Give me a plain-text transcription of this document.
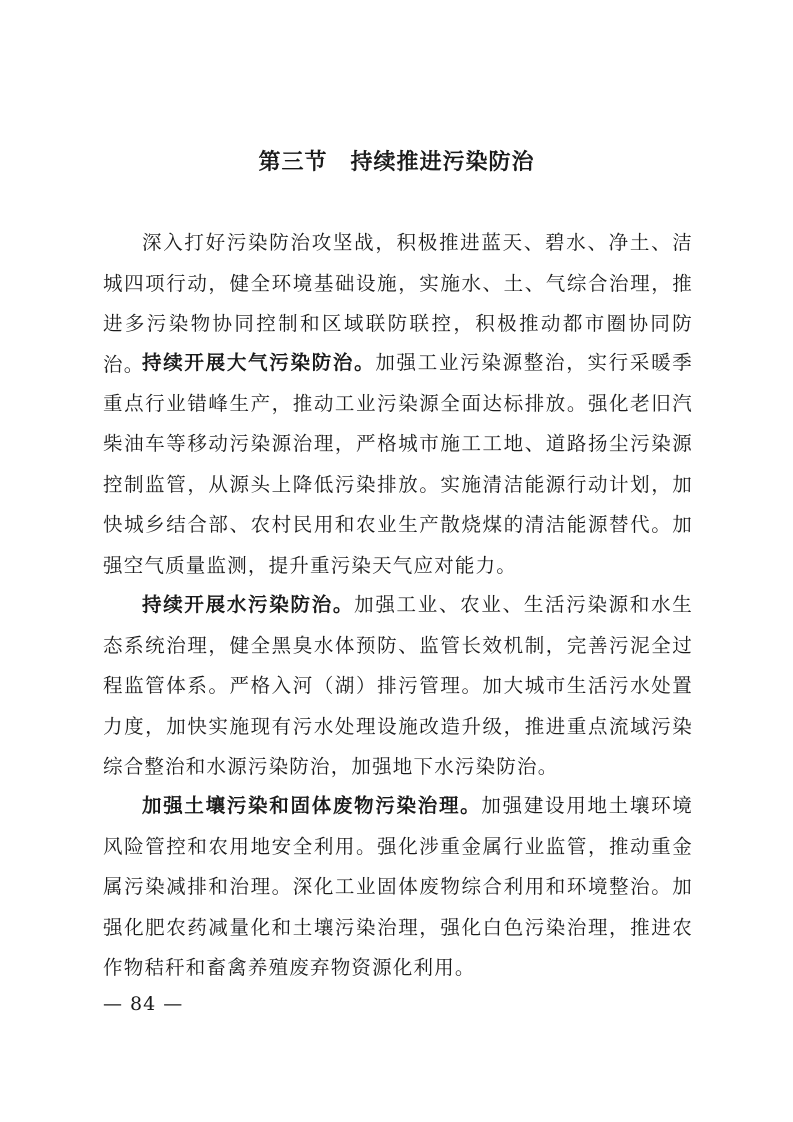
第三节　持续推进污染防治

深入打好污染防治攻坚战，积极推进蓝天、碧水、净土、洁城四项行动，健全环境基础设施，实施水、土、气综合治理，推进多污染物协同控制和区域联防联控，积极推动都市圈协同防治。

持续开展大气污染防治。加强工业污染源整治，实行采暖季重点行业错峰生产，推动工业污染源全面达标排放。强化老旧汽柴油车等移动污染源治理，严格城市施工工地、道路扬尘污染源控制监管，从源头上降低污染排放。实施清洁能源行动计划，加快城乡结合部、农村民用和农业生产散烧煤的清洁能源替代。加强空气质量监测，提升重污染天气应对能力。

持续开展水污染防治。加强工业、农业、生活污染源和水生态系统治理，健全黑臭水体预防、监管长效机制，完善污泥全过程监管体系。严格入河（湖）排污管理。加大城市生活污水处置力度，加快实施现有污水处理设施改造升级，推进重点流域污染综合整治和水源污染防治，加强地下水污染防治。

加强土壤污染和固体废物污染治理。加强建设用地土壤环境风险管控和农用地安全利用。强化涉重金属行业监管，推动重金属污染减排和治理。深化工业固体废物综合利用和环境整治。加强化肥农药减量化和土壤污染治理，强化白色污染治理，推进农作物秸秆和畜禽养殖废弃物资源化利用。

— 84 —
